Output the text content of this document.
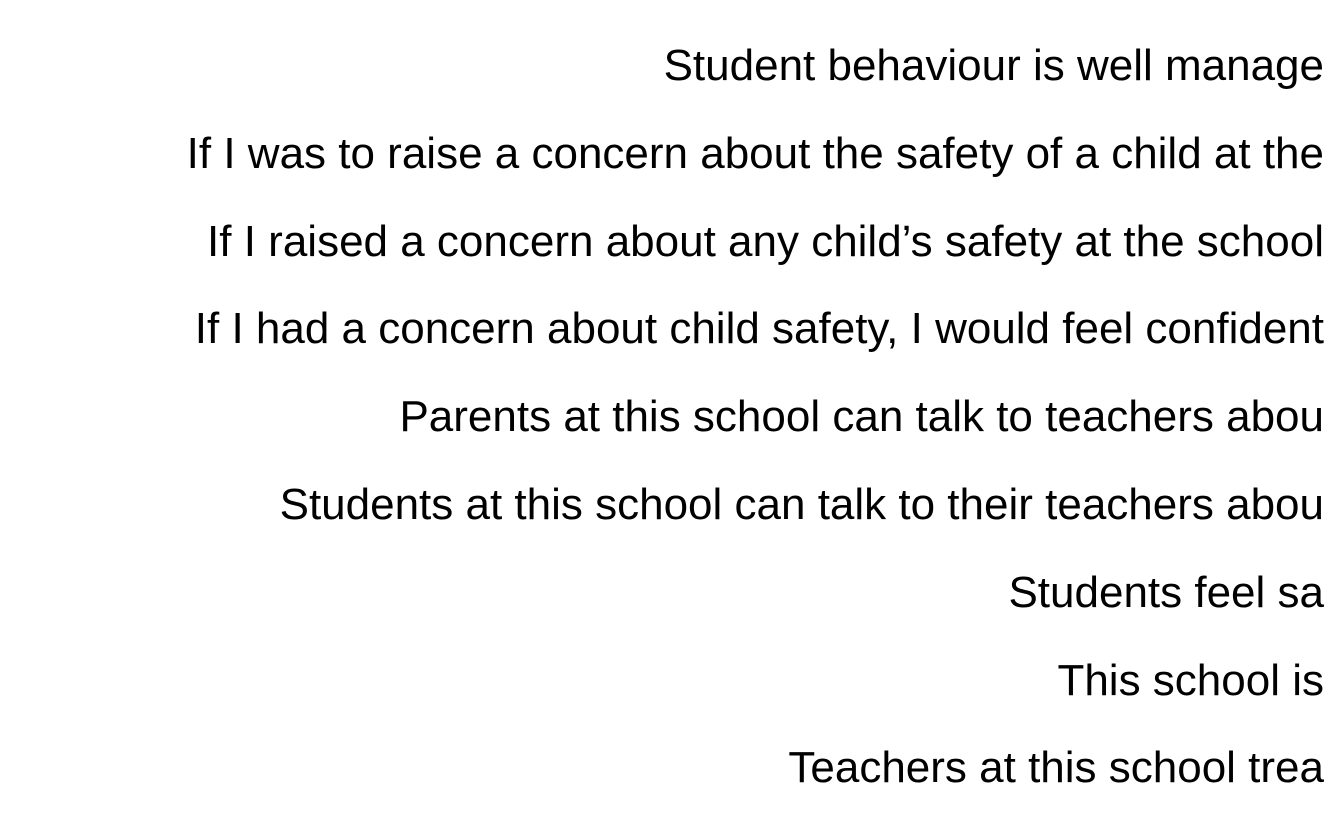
Student behaviour is well manage
If I was to raise a concern about the safety of a child at the
If I raised a concern about any child’s safety at the school
If I had a concern about child safety, I would feel confident
Parents at this school can talk to teachers abou
Students at this school can talk to their teachers abou
Students feel sa
This school is
Teachers at this school trea
